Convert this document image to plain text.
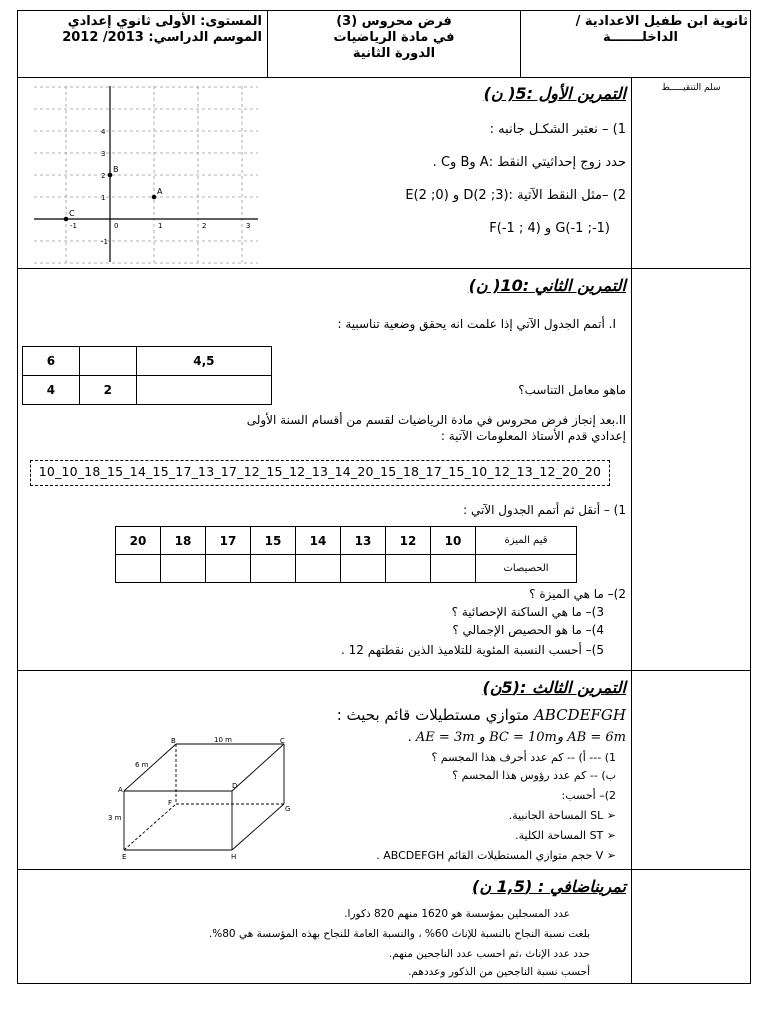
ثانوية ابن طفيل الاعدادية /
الداخلـــــــة
فرض محروس (3)
في مادة الرياضيات
الدورة الثانية
المستوى: الأولى ثانوي إعدادي
الموسم الدراسي: 2013/ 2012
سلم التنقيـــــط
التمرين الأول :5( ن)
-1	0	1	2	3
4
3
2
1
-1
A
B
C
1) – نعتبر الشكـل جانبه :
حدد زوج إحداثيتي النقط :A وB وC .
2) –مثل النقط الآتية :(3; 2)D و (0; 2)E
G(-1 ;-1) و F(-1 ; 4)
التمرين الثاني :10( ن)
I. أتمم الجدول الآتي إذا علمت انه يحقق وضعية تناسبية :
6		4,5
4	2		ماهو معامل التناسب؟
II.بعد إنجاز فرض محروس في مادة الرياضيات لقسم من أقسام السنة الأولى
إعدادي قدم الأستاذ المعلومات الآتية :
10_10_18_15_14_15_17_13_17_12_15_12_13_14_20_15_18_17_15_10_12_13_12_20_20
1) – أنقل ثم أتمم الجدول الآتي :
20	18	17	15	14	13	12	10	قيم الميزة
								الحصيصات
2)– ما هي الميزة ؟
3)– ما هي الساكنة الإحصائية ؟
4)– ما هو الحصيص الإجمالي ؟
5)– أحسب النسبة المئوية للتلاميذ الذين نقطتهم 12 .
التمرين الثالث :(5ن)
ABCDEFGH متوازي مستطيلات قائم بحيث :
AB = 6m وBC = 10m و AE = 3m .
1) --- أ) -- كم عدد أحرف هذا المجسم ؟
ب) -- كم عدد رؤوس هذا المجسم ؟
2)– أحسب:
➢ SL المساحة الجانبية.
➢ ST المساحة الكلية.
➢ V حجم متوازي المستطيلات القائم ABCDEFGH .
A
B	C
D
E
F
G
H
10 m
6 m
3 m
تمريناضافي : (1,5 ن)
عدد المسجلين بمؤسسة هو 1620 منهم 820 ذكورا.
بلغت نسبة النجاح بالنسبة للإناث 60% ، والنسبة العامة للنجاح بهذه المؤسسة هي 80%.
حدد عدد الإناث ،ثم احسب عدد الناجحين منهم.
أحسب نسبة الناجحين من الذكور وعددهم.
